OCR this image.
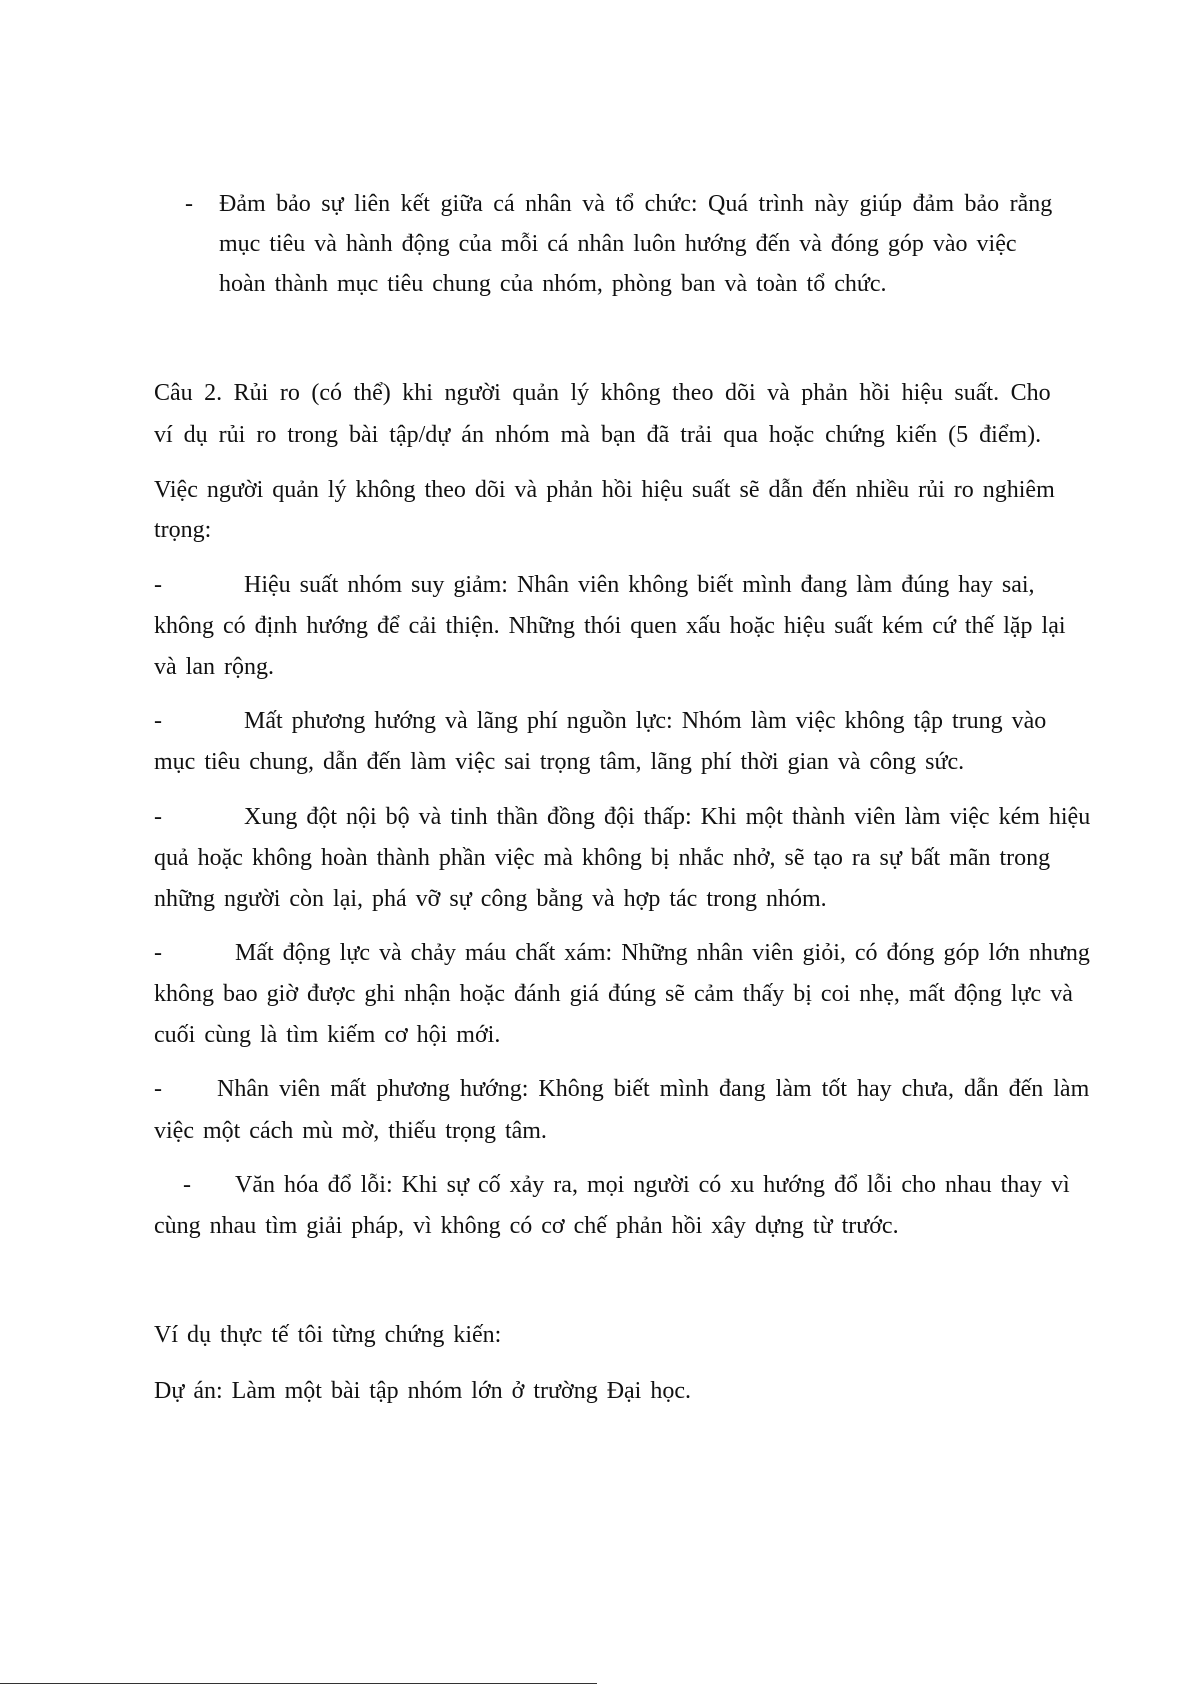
- Đảm bảo sự liên kết giữa cá nhân và tổ chức: Quá trình này giúp đảm bảo rằng
mục tiêu và hành động của mỗi cá nhân luôn hướng đến và đóng góp vào việc
hoàn thành mục tiêu chung của nhóm, phòng ban và toàn tổ chức.
Câu 2. Rủi ro (có thể) khi người quản lý không theo dõi và phản hồi hiệu suất. Cho
ví dụ rủi ro trong bài tập/dự án nhóm mà bạn đã trải qua hoặc chứng kiến (5 điểm).
Việc người quản lý không theo dõi và phản hồi hiệu suất sẽ dẫn đến nhiều rủi ro nghiêm
trọng:
-	Hiệu suất nhóm suy giảm: Nhân viên không biết mình đang làm đúng hay sai,
không có định hướng để cải thiện. Những thói quen xấu hoặc hiệu suất kém cứ thế lặp lại
và lan rộng.
-	Mất phương hướng và lãng phí nguồn lực: Nhóm làm việc không tập trung vào
mục tiêu chung, dẫn đến làm việc sai trọng tâm, lãng phí thời gian và công sức.
-	Xung đột nội bộ và tinh thần đồng đội thấp: Khi một thành viên làm việc kém hiệu
quả hoặc không hoàn thành phần việc mà không bị nhắc nhở, sẽ tạo ra sự bất mãn trong
những người còn lại, phá vỡ sự công bằng và hợp tác trong nhóm.
-	Mất động lực và chảy máu chất xám: Những nhân viên giỏi, có đóng góp lớn nhưng
không bao giờ được ghi nhận hoặc đánh giá đúng sẽ cảm thấy bị coi nhẹ, mất động lực và
cuối cùng là tìm kiếm cơ hội mới.
- Nhân viên mất phương hướng: Không biết mình đang làm tốt hay chưa, dẫn đến làm
việc một cách mù mờ, thiếu trọng tâm.
- Văn hóa đổ lỗi: Khi sự cố xảy ra, mọi người có xu hướng đổ lỗi cho nhau thay vì
cùng nhau tìm giải pháp, vì không có cơ chế phản hồi xây dựng từ trước.
Ví dụ thực tế tôi từng chứng kiến:
Dự án: Làm một bài tập nhóm lớn ở trường Đại học.
